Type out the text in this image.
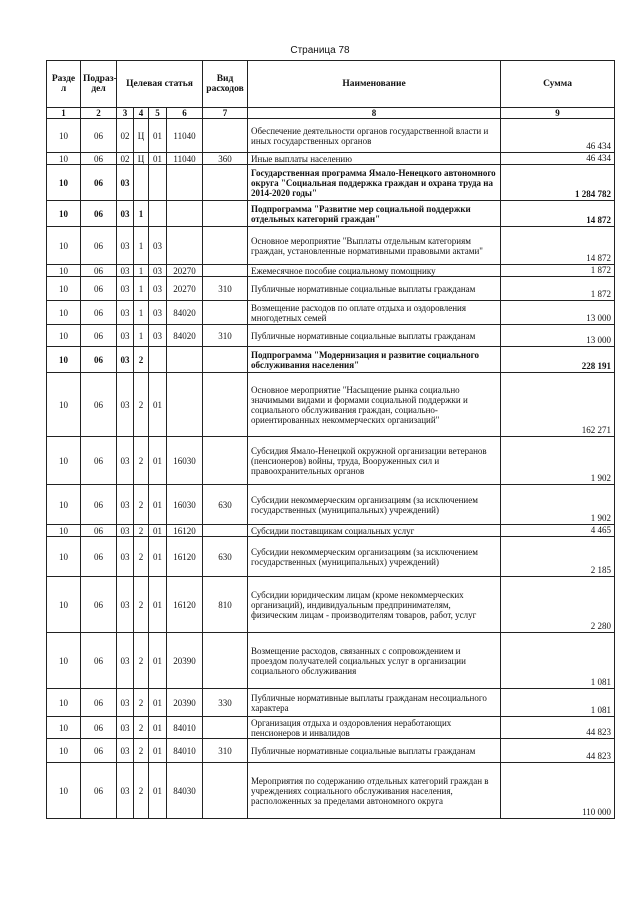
Страница 78
Разде л	Подраз-дел	Целевая статья				Вид расходов	Наименование	Сумма
1	2	3	4	5	6	7	8	9
10	06	02	Ц	01	11040		Обеспечение деятельности органов государственной власти и иных государственных органов	46 434
10	06	02	Ц	01	11040	360	Иные выплаты населению	46 434
10	06	03					Государственная программа Ямало-Ненецкого автономного округа "Социальная поддержка граждан и охрана труда на 2014-2020 годы"	1 284 782
10	06	03	1				Подпрограмма "Развитие мер социальной поддержки отдельных категорий граждан"	14 872
10	06	03	1	03			Основное мероприятие "Выплаты отдельным категориям граждан, установленные нормативными правовыми актами"	14 872
10	06	03	1	03	20270		Ежемесячное пособие социальному помощнику	1 872
10	06	03	1	03	20270	310	Публичные нормативные социальные выплаты гражданам	1 872
10	06	03	1	03	84020		Возмещение расходов по оплате отдыха и оздоровления многодетных семей	13 000
10	06	03	1	03	84020	310	Публичные нормативные социальные выплаты гражданам	13 000
10	06	03	2				Подпрограмма "Модернизация и развитие социального обслуживания населения"	228 191
10	06	03	2	01			Основное мероприятие "Насыщение рынка социально значимыми видами и формами социальной поддержки и социального обслуживания граждан, социально-ориентированных некоммерческих организаций"	162 271
10	06	03	2	01	16030		Субсидия Ямало-Ненецкой окружной организации ветеранов (пенсионеров) войны, труда, Вооруженных сил и правоохранительных органов	1 902
10	06	03	2	01	16030	630	Субсидии некоммерческим организациям (за исключением государственных (муниципальных) учреждений)	1 902
10	06	03	2	01	16120		Субсидии поставщикам социальных услуг	4 465
10	06	03	2	01	16120	630	Субсидии некоммерческим организациям (за исключением государственных (муниципальных) учреждений)	2 185
10	06	03	2	01	16120	810	Субсидии юридическим лицам (кроме некоммерческих организаций), индивидуальным предпринимателям, физическим лицам - производителям товаров, работ, услуг	2 280
10	06	03	2	01	20390		Возмещение расходов, связанных с сопровождением и проездом получателей социальных услуг в организации социального обслуживания	1 081
10	06	03	2	01	20390	330	Публичные нормативные выплаты гражданам несоциального характера	1 081
10	06	03	2	01	84010		Организация отдыха и оздоровления неработающих пенсионеров и инвалидов	44 823
10	06	03	2	01	84010	310	Публичные нормативные социальные выплаты гражданам	44 823
10	06	03	2	01	84030		Мероприятия по содержанию отдельных категорий граждан в учреждениях социального обслуживания населения, расположенных за пределами автономного округа	110 000
